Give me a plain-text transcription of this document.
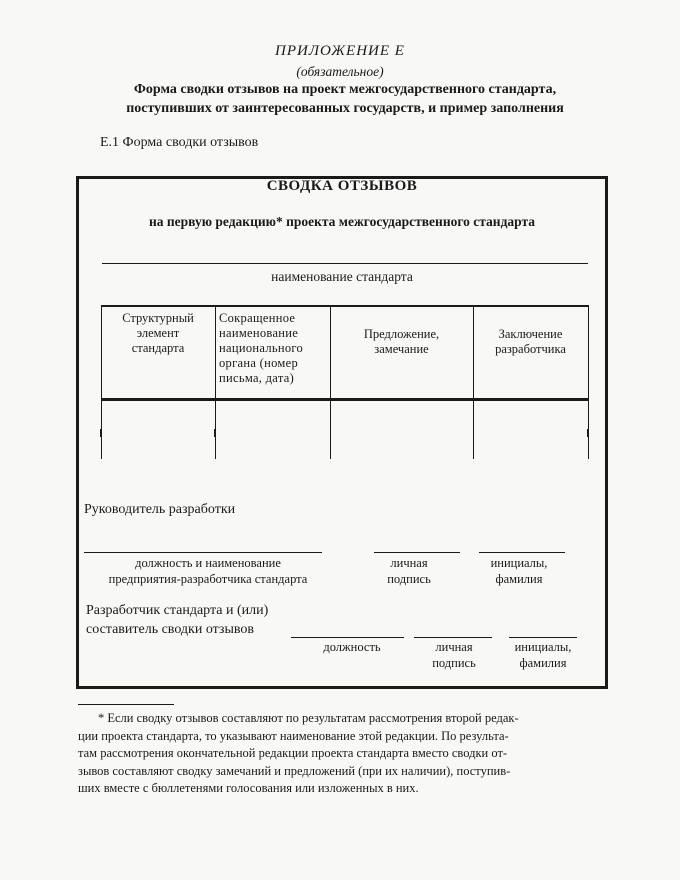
ПРИЛОЖЕНИЕ Е
(обязательное)
Форма сводки отзывов на проект межгосударственного стандарта,
поступивших от заинтересованных государств, и пример заполнения
Е.1 Форма сводки отзывов
СВОДКА ОТЗЫВОВ
на первую редакцию* проекта межгосударственного стандарта
наименование стандарта
Структурный
элемент
стандарта
Сокращенное
наименование
национального
органа (номер
письма, дата)
Предложение,
замечание
Заключение
разработчика
Руководитель разработки
должность и наименование
предприятия-разработчика стандарта
личная
подпись
инициалы,
фамилия
Разработчик стандарта и (или)
составитель сводки отзывов
должность	личная
подпись
инициалы,
фамилия

* Если сводку отзывов составляют по результатам рассмотрения второй редак-

ции проекта стандарта, то указывают наименование этой редакции. По результа-
там рассмотрения окончательной редакции проекта стандарта вместо сводки от-
зывов составляют сводку замечаний и предложений (при их наличии), поступив-
ших вместе с бюллетенями голосования или изложенных в них.
